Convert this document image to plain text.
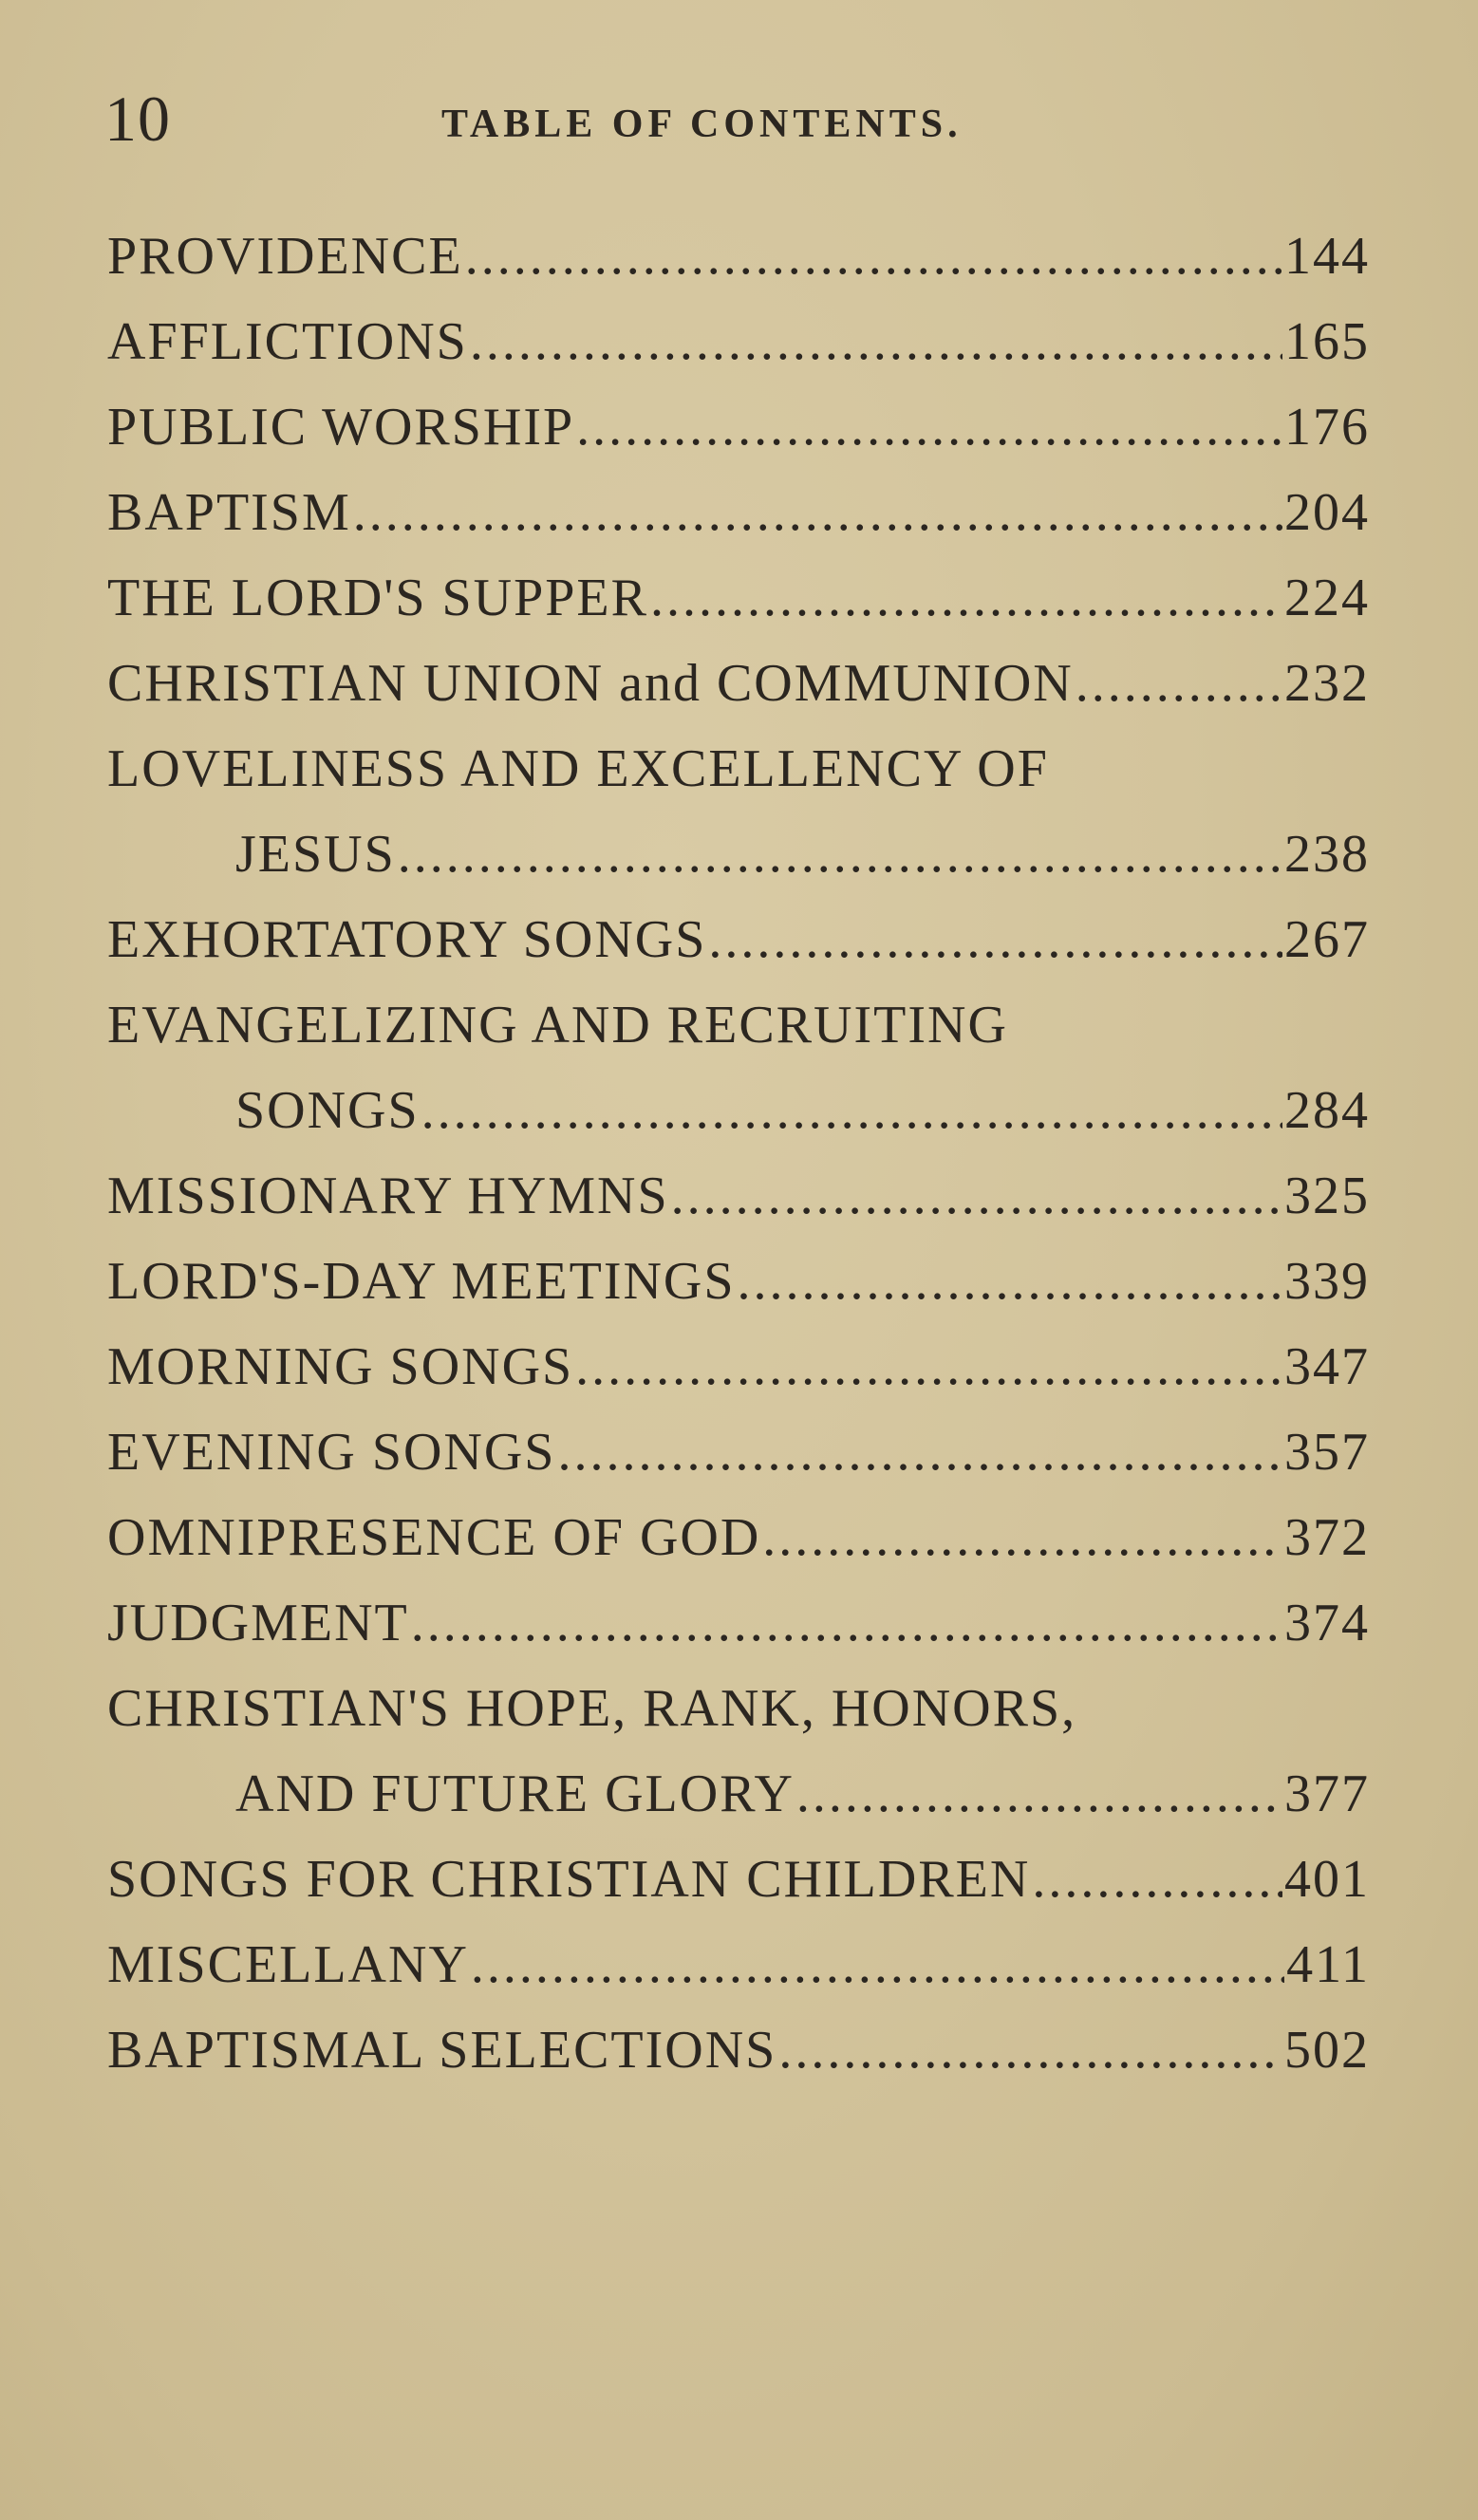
10	TABLE OF CONTENTS.
PROVIDENCE .....	144
AFFLICTIONS .....	165
PUBLIC WORSHIP .....	176
BAPTISM .....	204
THE LORD'S SUPPER .....	224
CHRISTIAN UNION and COMMUNION .....	232
LOVELINESS AND EXCELLENCY OF
JESUS .....	238
EXHORTATORY SONGS .....	267
EVANGELIZING AND RECRUITING
SONGS .....	284
MISSIONARY HYMNS .....	325
LORD'S-DAY MEETINGS .....	339
MORNING SONGS .....	347
EVENING SONGS .....	357
OMNIPRESENCE OF GOD .....	372
JUDGMENT .....	374
CHRISTIAN'S HOPE, RANK, HONORS,
AND FUTURE GLORY .....	377
SONGS FOR CHRISTIAN CHILDREN .....	401
MISCELLANY .....	411
BAPTISMAL SELECTIONS .....	502
